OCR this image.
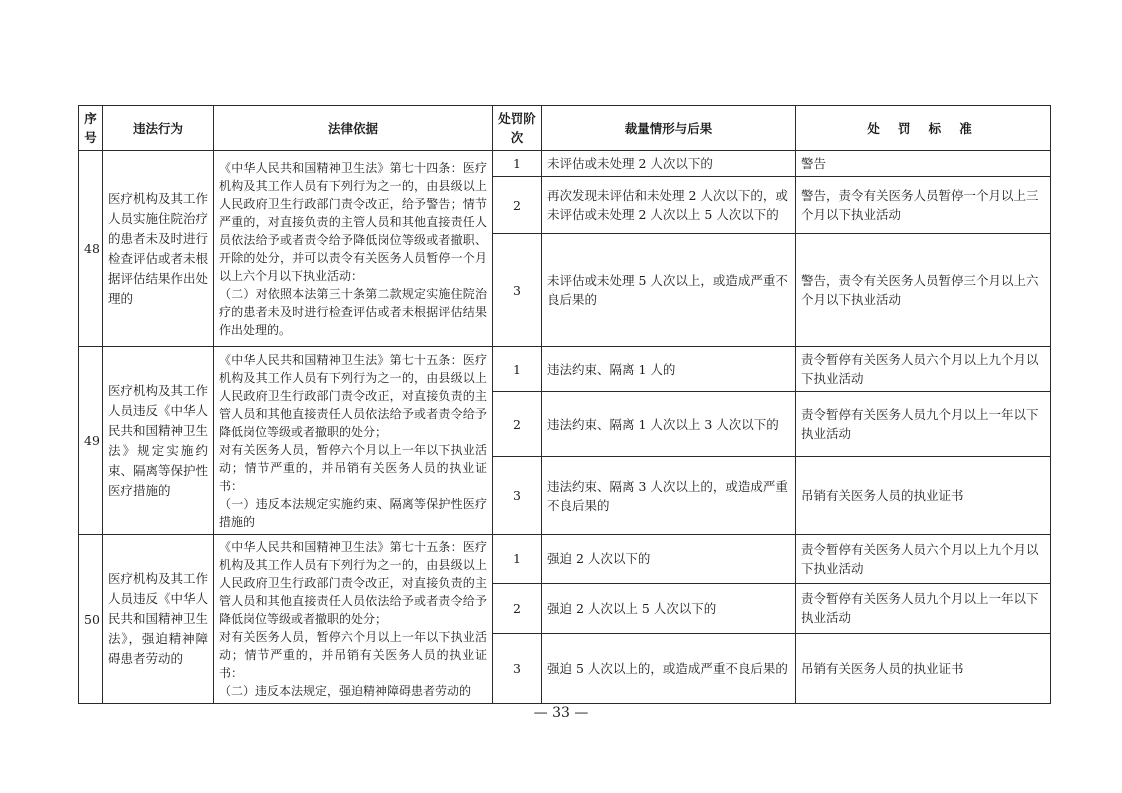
序号	违法行为	法律依据	处罚阶次	裁量情形与后果	处 罚 标 准
48	医疗机构及其工作人员实施住院治疗的患者未及时进行检查评估或者未根据评估结果作出处理的	《中华人民共和国精神卫生法》第七十四条：医疗机构及其工作人员有下列行为之一的，由县级以上人民政府卫生行政部门责令改正，给予警告；情节严重的，对直接负责的主管人员和其他直接责任人员依法给予或者责令给予降低岗位等级或者撤职、开除的处分，并可以责令有关医务人员暂停一个月以上六个月以下执业活动：
（二）对依照本法第三十条第二款规定实施住院治疗的患者未及时进行检查评估或者未根据评估结果作出处理的。	1	未评估或未处理 2 人次以下的	警告
			2	再次发现未评估和未处理 2 人次以下的，或未评估或未处理 2 人次以上 5 人次以下的	警告，责令有关医务人员暂停一个月以上三个月以下执业活动
			3	未评估或未处理 5 人次以上，或造成严重不良后果的	警告，责令有关医务人员暂停三个月以上六个月以下执业活动
49	医疗机构及其工作人员违反《中华人民共和国精神卫生法》规定实施约束、隔离等保护性医疗措施的	《中华人民共和国精神卫生法》第七十五条：医疗机构及其工作人员有下列行为之一的，由县级以上人民政府卫生行政部门责令改正，对直接负责的主管人员和其他直接责任人员依法给予或者责令给予降低岗位等级或者撤职的处分；
对有关医务人员，暂停六个月以上一年以下执业活动；情节严重的，并吊销有关医务人员的执业证书：
（一）违反本法规定实施约束、隔离等保护性医疗措施的	1	违法约束、隔离 1 人的	责令暂停有关医务人员六个月以上九个月以下执业活动
			2	违法约束、隔离 1 人次以上 3 人次以下的	责令暂停有关医务人员九个月以上一年以下执业活动
			3	违法约束、隔离 3 人次以上的，或造成严重不良后果的	吊销有关医务人员的执业证书
50	医疗机构及其工作人员违反《中华人民共和国精神卫生法》，强迫精神障碍患者劳动的	《中华人民共和国精神卫生法》第七十五条：医疗机构及其工作人员有下列行为之一的，由县级以上人民政府卫生行政部门责令改正，对直接负责的主管人员和其他直接责任人员依法给予或者责令给予降低岗位等级或者撤职的处分；
对有关医务人员，暂停六个月以上一年以下执业活动；情节严重的，并吊销有关医务人员的执业证书：
（二）违反本法规定，强迫精神障碍患者劳动的	1	强迫 2 人次以下的	责令暂停有关医务人员六个月以上九个月以下执业活动
			2	强迫 2 人次以上 5 人次以下的	责令暂停有关医务人员九个月以上一年以下执业活动
			3	强迫 5 人次以上的，或造成严重不良后果的	吊销有关医务人员的执业证书
— 33 —
